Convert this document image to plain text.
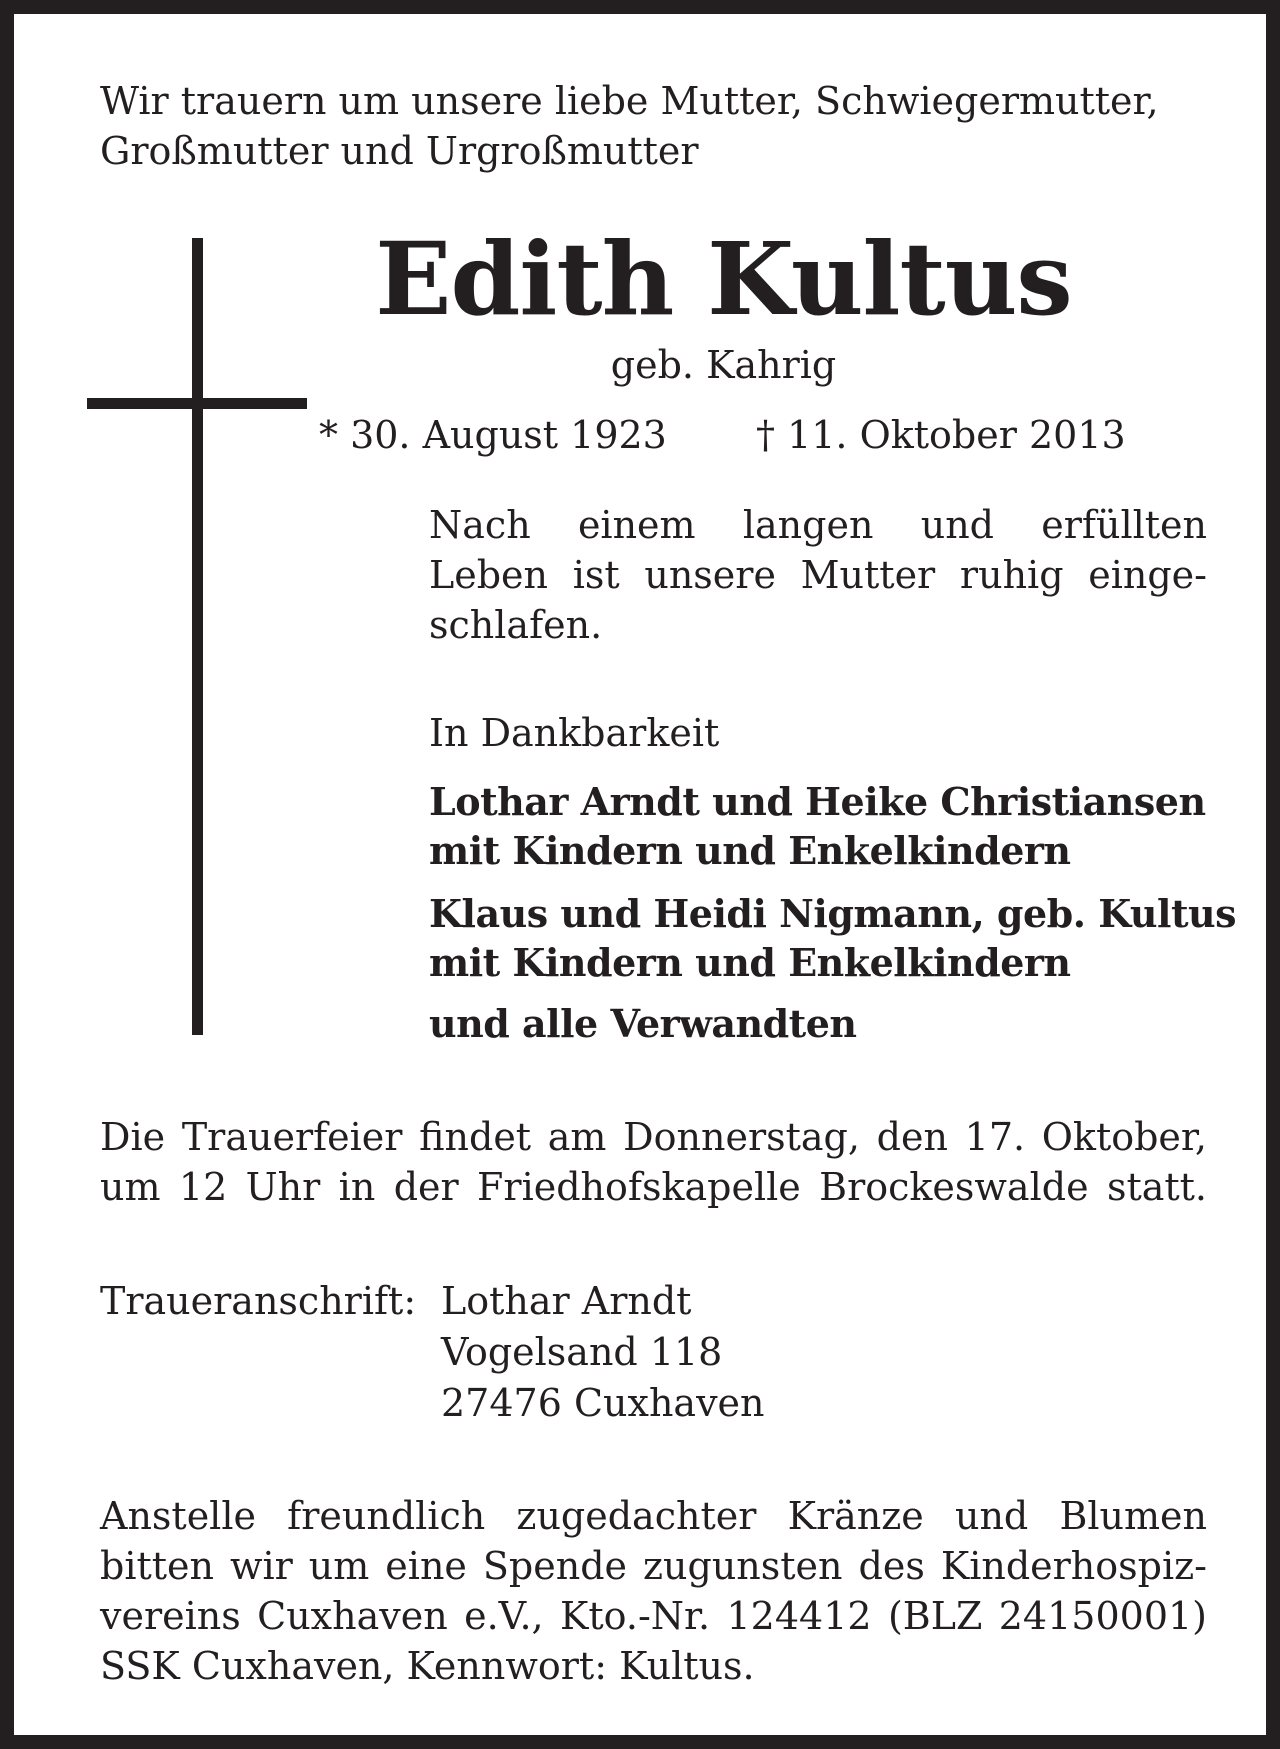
Wir trauern um unsere liebe Mutter, Schwiegermutter,
Großmutter und Urgroßmutter
Edith Kultus
geb. Kahrig
* 30. August 1923 † 11. Oktober 2013
Nach einem langen und erfüllten
Leben ist unsere Mutter ruhig einge-
schlafen.
In Dankbarkeit
Lothar Arndt und Heike Christiansen
mit Kindern und Enkelkindern
Klaus und Heidi Nigmann, geb. Kultus
mit Kindern und Enkelkindern
und alle Verwandten
Die Trauerfeier findet am Donnerstag, den 17. Oktober,
um 12 Uhr in der Friedhofskapelle Brockeswalde statt.
Traueranschrift: Lothar Arndt
Vogelsand 118
27476 Cuxhaven
Anstelle freundlich zugedachter Kränze und Blumen
bitten wir um eine Spende zugunsten des Kinderhospiz-
vereins Cuxhaven e.V., Kto.-Nr. 124412 (BLZ 24150001)
SSK Cuxhaven, Kennwort: Kultus.
